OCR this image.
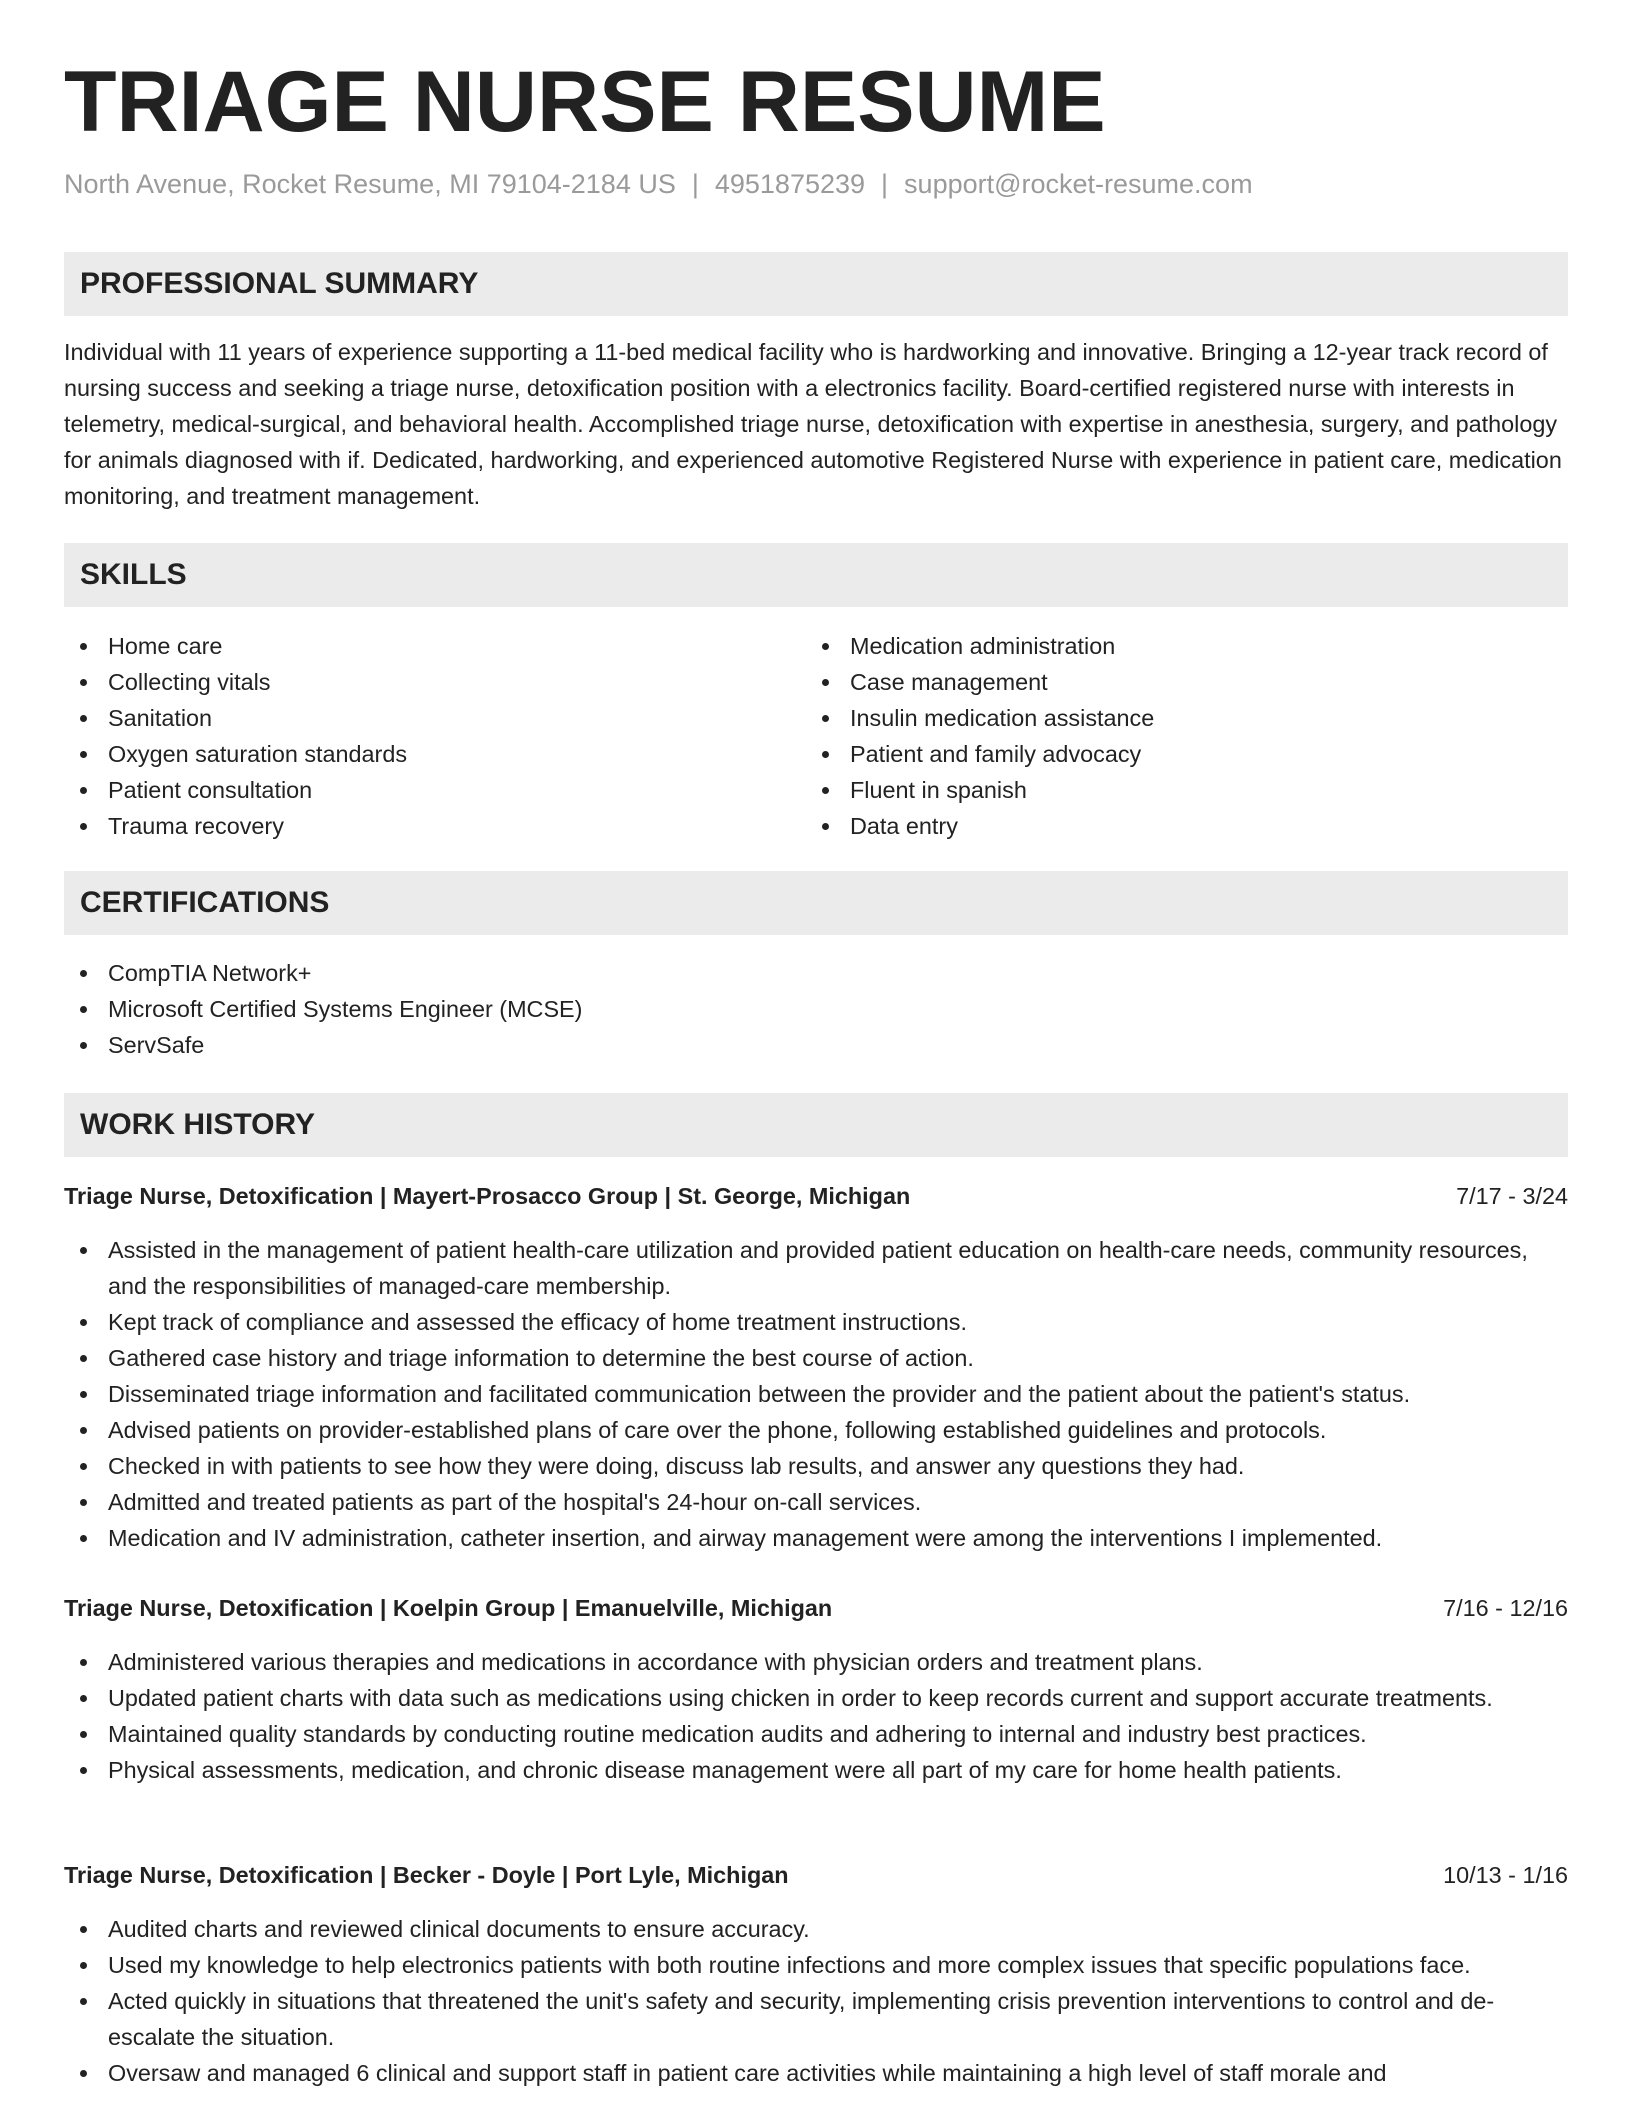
TRIAGE NURSE RESUME
North Avenue, Rocket Resume, MI 79104-2184 US | 4951875239 | support@rocket-resume.com
PROFESSIONAL SUMMARY

Individual with 11 years of experience supporting a 11-bed medical facility who is hardworking and innovative. Bringing a 12-year track record of nursing success and seeking a triage nurse, detoxification position with a electronics facility. Board-certified registered nurse with interests in telemetry, medical-surgical, and behavioral health. Accomplished triage nurse, detoxification with expertise in anesthesia, surgery, and pathology for animals diagnosed with if. Dedicated, hardworking, and experienced automotive Registered Nurse with experience in patient care, medication monitoring, and treatment management.

SKILLS
Home care
Collecting vitals
Sanitation
Oxygen saturation standards
Patient consultation
Trauma recovery
Medication administration
Case management
Insulin medication assistance
Patient and family advocacy
Fluent in spanish
Data entry
CERTIFICATIONS
CompTIA Network+
Microsoft Certified Systems Engineer (MCSE)
ServSafe
WORK HISTORY
Triage Nurse, Detoxification | Mayert-Prosacco Group | St. George, Michigan	7/17 - 3/24
Assisted in the management of patient health-care utilization and provided patient education on health-care needs, community resources, and the responsibilities of managed-care membership.
Kept track of compliance and assessed the efficacy of home treatment instructions.
Gathered case history and triage information to determine the best course of action.
Disseminated triage information and facilitated communication between the provider and the patient about the patient's status.
Advised patients on provider-established plans of care over the phone, following established guidelines and protocols.
Checked in with patients to see how they were doing, discuss lab results, and answer any questions they had.
Admitted and treated patients as part of the hospital's 24-hour on-call services.
Medication and IV administration, catheter insertion, and airway management were among the interventions I implemented.
Triage Nurse, Detoxification | Koelpin Group | Emanuelville, Michigan	7/16 - 12/16
Administered various therapies and medications in accordance with physician orders and treatment plans.
Updated patient charts with data such as medications using chicken in order to keep records current and support accurate treatments.
Maintained quality standards by conducting routine medication audits and adhering to internal and industry best practices.
Physical assessments, medication, and chronic disease management were all part of my care for home health patients.
Triage Nurse, Detoxification | Becker - Doyle | Port Lyle, Michigan	10/13 - 1/16
Audited charts and reviewed clinical documents to ensure accuracy.
Used my knowledge to help electronics patients with both routine infections and more complex issues that specific populations face.
Acted quickly in situations that threatened the unit's safety and security, implementing crisis prevention interventions to control and de-escalate the situation.
Oversaw and managed 6 clinical and support staff in patient care activities while maintaining a high level of staff morale and
